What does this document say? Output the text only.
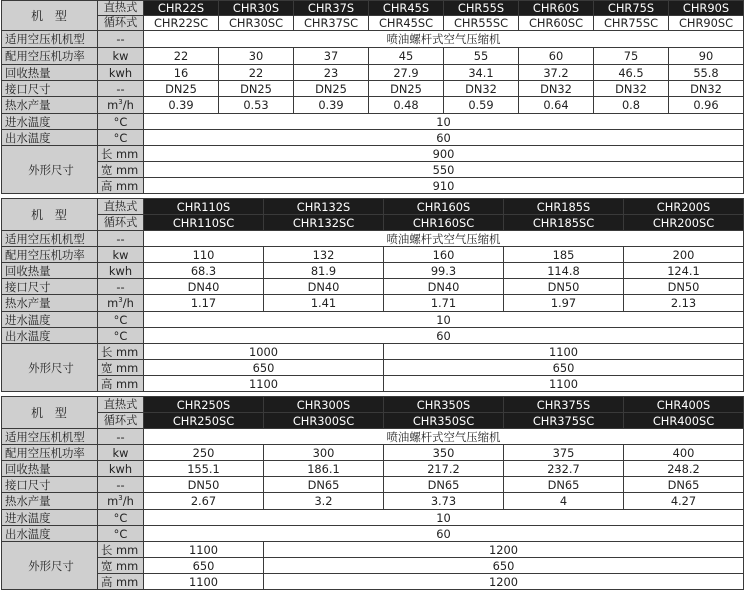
机 型	直热式	CHR22S	CHR30S	CHR37S	CHR45S	CHR55S	CHR60S	CHR75S	CHR90S
	循环式	CHR22SC	CHR30SC	CHR37SC	CHR45SC	CHR55SC	CHR60SC	CHR75SC	CHR90SC
适用空压机机型	--	喷油螺杆式空气压缩机							
配用空压机功率	kw	22	30	37	45	55	60	75	90
回收热量	kwh	16	22	23	27.9	34.1	37.2	46.5	55.8
接口尺寸	--	DN25	DN25	DN25	DN25	DN32	DN32	DN32	DN32
热水产量	$m^3/h$	0.39	0.53	0.39	0.48	0.59	0.64	0.8	0.96
进水温度	°C	10							
出水温度	°C	60							
外形尺寸	长 mm	900							
	宽 mm	550							
	高 mm	910							
机 型	直热式	CHR110S	CHR132S	CHR160S	CHR185S	CHR200S
	循环式	CHR110SC	CHR132SC	CHR160SC	CHR185SC	CHR200SC
适用空压机机型	--	喷油螺杆式空气压缩机				
配用空压机功率	kw	110	132	160	185	200
回收热量	kwh	68.3	81.9	99.3	114.8	124.1
接口尺寸	--	DN40	DN40	DN40	DN50	DN50
热水产量	$m^3/h$	1.17	1.41	1.71	1.97	2.13
进水温度	°C	10				
出水温度	°C	60				
外形尺寸	长 mm	1000		1100		
	宽 mm	650		650		
	高 mm	1100		1100		
机 型	直热式	CHR250S	CHR300S	CHR350S	CHR375S	CHR400S
	循环式	CHR250SC	CHR300SC	CHR350SC	CHR375SC	CHR400SC
适用空压机机型	--	喷油螺杆式空气压缩机				
配用空压机功率	kw	250	300	350	375	400
回收热量	kwh	155.1	186.1	217.2	232.7	248.2
接口尺寸	--	DN50	DN65	DN65	DN65	DN65
热水产量	$m^3/h$	2.67	3.2	3.73	4	4.27
进水温度	°C	10				
出水温度	°C	60				
外形尺寸	长 mm	1100	1200			
	宽 mm	650	650			
	高 mm	1100	1200			
